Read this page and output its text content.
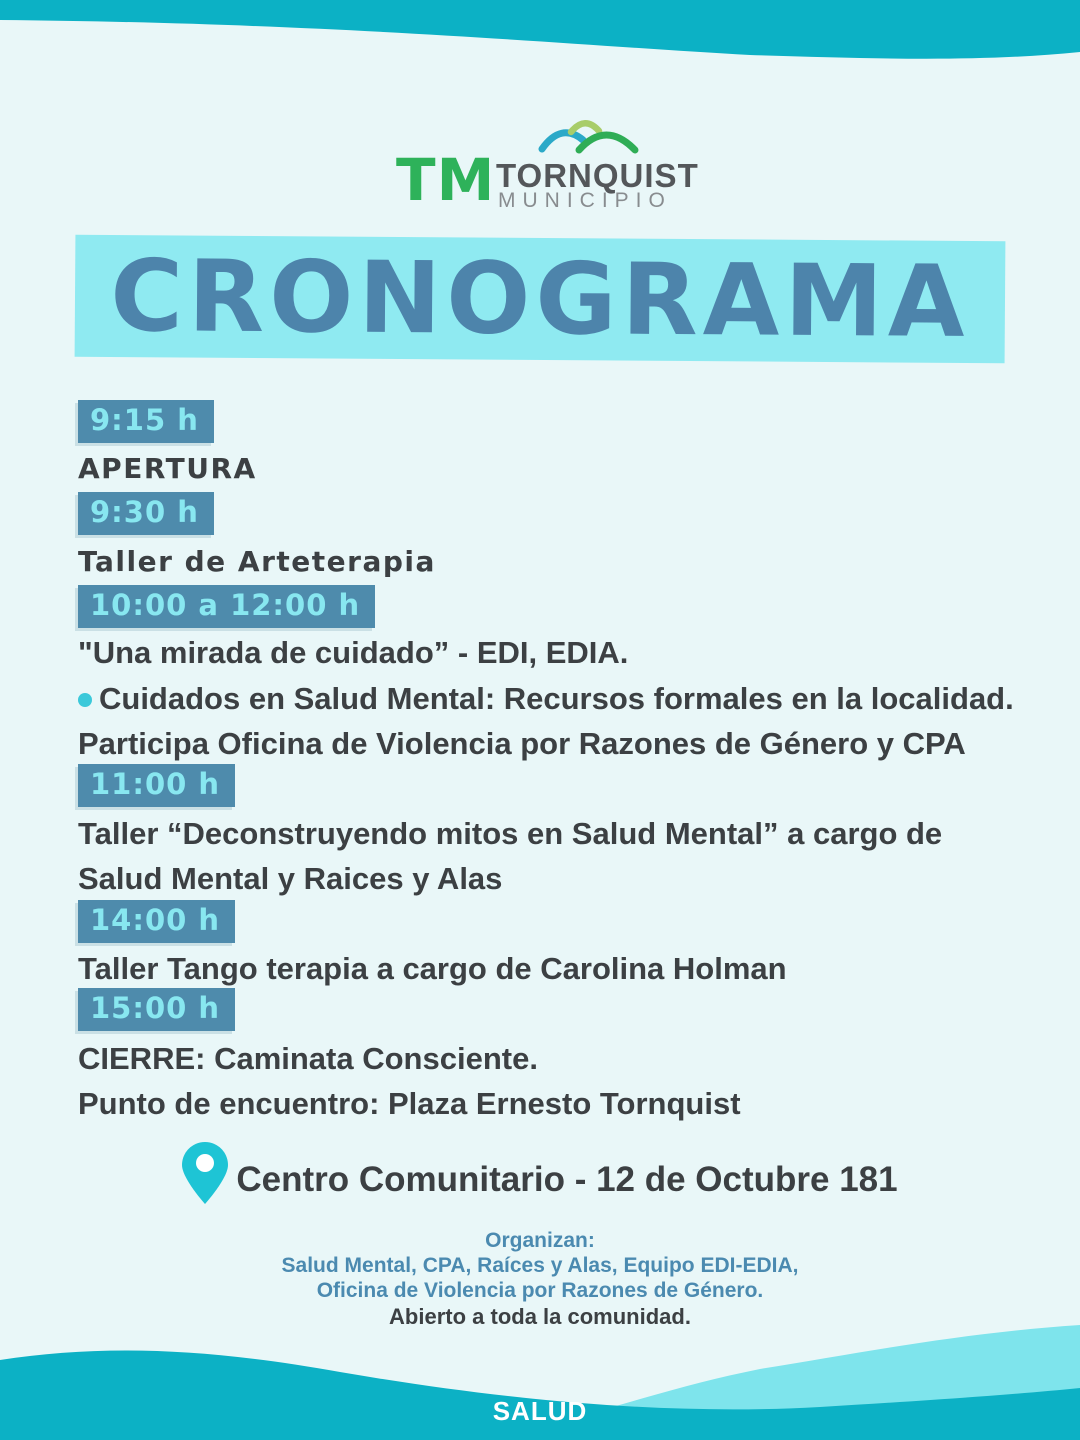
TM TORNQUIST
MUNICIPIO
CRONOGRAMA
9:15 h
APERTURA
9:30 h
Taller de Arteterapia
10:00 a 12:00 h
"Una mirada de cuidado” - EDI, EDIA.
Cuidados en Salud Mental: Recursos formales en la localidad.
Participa Oficina de Violencia por Razones de Género y CPA
11:00 h
Taller “Deconstruyendo mitos en Salud Mental” a cargo de
Salud Mental y Raices y Alas
14:00 h
Taller Tango terapia a cargo de Carolina Holman
15:00 h
CIERRE: Caminata Consciente.
Punto de encuentro: Plaza Ernesto Tornquist
Centro Comunitario - 12 de Octubre 181
Organizan:
Salud Mental, CPA, Raíces y Alas, Equipo EDI-EDIA,
Oficina de Violencia por Razones de Género.
Abierto a toda la comunidad.
SALUD
